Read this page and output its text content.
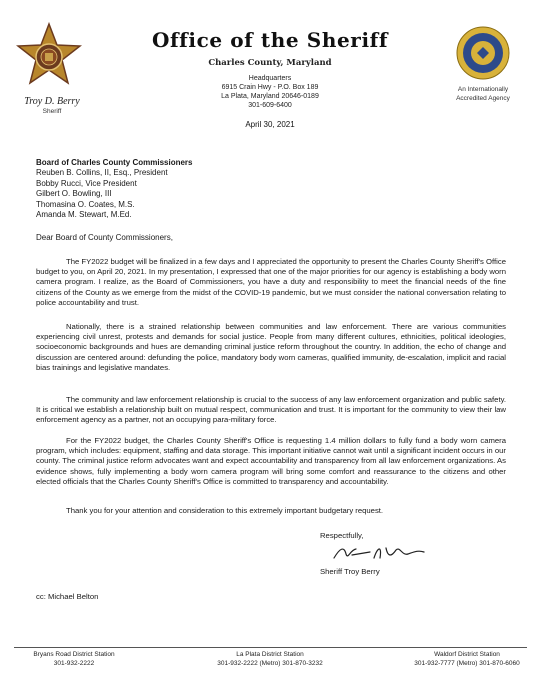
Troy D. Berry
Sheriff
Office of the Sheriff
Charles County, Maryland
Headquarters
6915 Crain Hwy - P.O. Box 189
La Plata, Maryland 20646-0189
301-609-6400
April 30, 2021
An Internationally
Accredited Agency
Board of Charles County Commissioners
Reuben B. Collins, II, Esq., President
Bobby Rucci, Vice President
Gilbert O. Bowling, III
Thomasina O. Coates, M.S.
Amanda M. Stewart, M.Ed.
Dear Board of County Commissioners,

The FY2022 budget will be finalized in a few days and I appreciated the opportunity to present the Charles County Sheriff's Office budget to you, on April 20, 2021. In my presentation, I expressed that one of the major priorities for our agency is establishing a body worn camera program. I realize, as the Board of Commissioners, you have a duty and responsibility to meet the financial needs of the fine citizens of the County as we emerge from the midst of the COVID-19 pandemic, but we must consider the national conversation relating to police accountability and trust.

Nationally, there is a strained relationship between communities and law enforcement. There are various communities experiencing civil unrest, protests and demands for social justice. People from many different cultures, ethnicities, political ideologies, socioeconomic backgrounds and hues are demanding criminal justice reform throughout the country. In addition, the echo of change and discussion are centered around: defunding the police, mandatory body worn cameras, qualified immunity, de-escalation, implicit and racial bias trainings and legislative mandates.

The community and law enforcement relationship is crucial to the success of any law enforcement organization and public safety. It is critical we establish a relationship built on mutual respect, communication and trust. It is important for the community to view their law enforcement agency as a partner, not an occupying para-military force.

For the FY2022 budget, the Charles County Sheriff's Office is requesting 1.4 million dollars to fully fund a body worn camera program, which includes: equipment, staffing and data storage. This important initiative cannot wait until a significant incident occurs in our county. The criminal justice reform advocates want and expect accountability and transparency from all law enforcement organizations. As evidence shows, fully implementing a body worn camera program will bring some comfort and reassurance to the citizens and other elected officials that the Charles County Sheriff's Office is committed to transparency and accountability.

Thank you for your attention and consideration to this extremely important budgetary request.

Respectfully,
Sheriff Troy Berry
cc: Michael Belton
Bryans Road District Station
301-932-2222
La Plata District Station
301-932-2222 (Metro) 301-870-3232
Waldorf District Station
301-932-7777 (Metro) 301-870-6060
